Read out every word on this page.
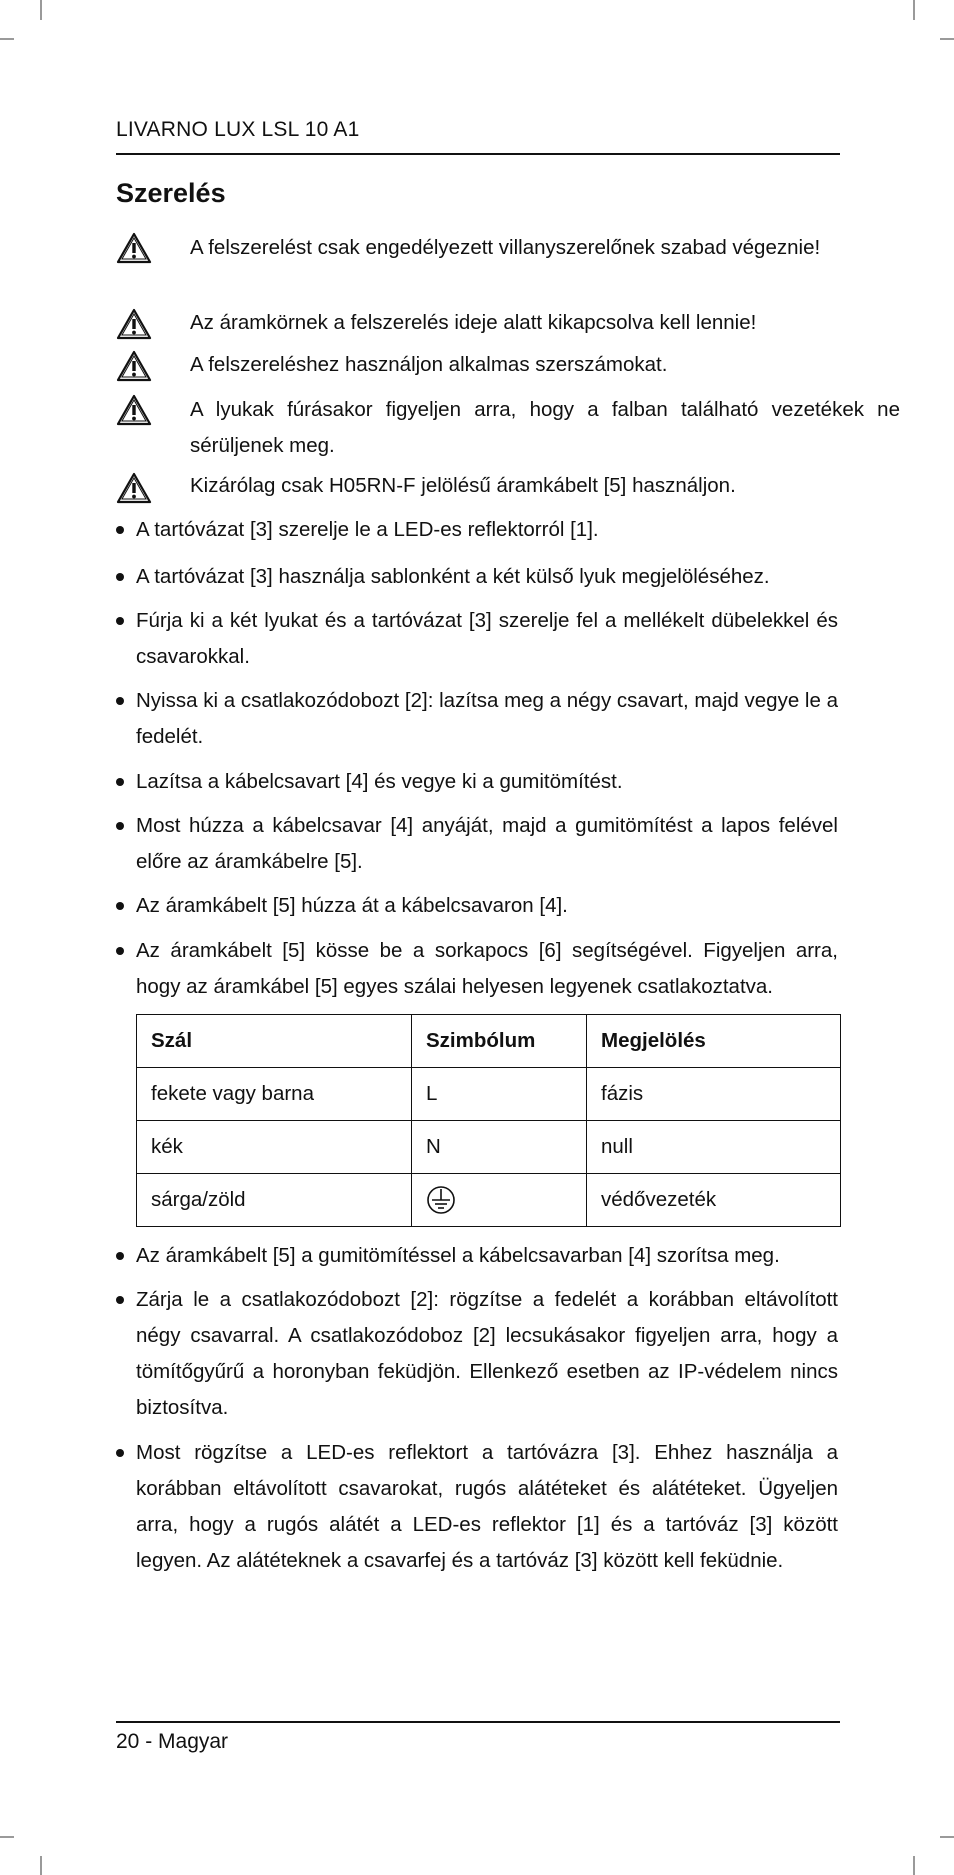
LIVARNO LUX LSL 10 A1
Szerelés
A felszerelést csak engedélyezett villanyszerelőnek szabad végeznie!
Az áramkörnek a felszerelés ideje alatt kikapcsolva kell lennie!
A felszereléshez használjon alkalmas szerszámokat.
A lyukak fúrásakor figyeljen arra, hogy a falban található vezetékek ne sérüljenek meg.
Kizárólag csak H05RN-F jelölésű áramkábelt [5] használjon.
A tartóvázat [3] szerelje le a LED-es reflektorról [1].
A tartóvázat [3] használja sablonként a két külső lyuk megjelöléséhez.
Fúrja ki a két lyukat és a tartóvázat [3] szerelje fel a mellékelt dübelekkel és csavarokkal.
Nyissa ki a csatlakozódobozt [2]: lazítsa meg a négy csavart, majd vegye le a fedelét.
Lazítsa a kábelcsavart [4] és vegye ki a gumitömítést.
Most húzza a kábelcsavar [4] anyáját, majd a gumitömítést a lapos felével előre az áramkábelre [5].
Az áramkábelt [5] húzza át a kábelcsavaron [4].
Az áramkábelt [5] kösse be a sorkapocs [6] segítségével. Figyeljen arra, hogy az áramkábel [5] egyes szálai helyesen legyenek csatlakoztatva.
Szál	Szimbólum	Megjelölés
fekete vagy barna	L	fázis
kék	N	null
sárga/zöld		védővezeték
Az áramkábelt [5] a gumitömítéssel a kábelcsavarban [4] szorítsa meg.
Zárja le a csatlakozódobozt [2]: rögzítse a fedelét a korábban eltávolított négy csavarral. A csatlakozódoboz [2] lecsukásakor figyeljen arra, hogy a tömítőgyűrű a horonyban feküdjön. Ellenkező esetben az IP-védelem nincs biztosítva.
Most rögzítse a LED-es reflektort a tartóvázra [3]. Ehhez használja a korábban eltávolított csavarokat, rugós alátéteket és alátéteket. Ügyeljen arra, hogy a rugós alátét a LED-es reflektor [1] és a tartóváz [3] között legyen. Az alátéteknek a csavarfej és a tartóváz [3] között kell feküdnie.
20 - Magyar
